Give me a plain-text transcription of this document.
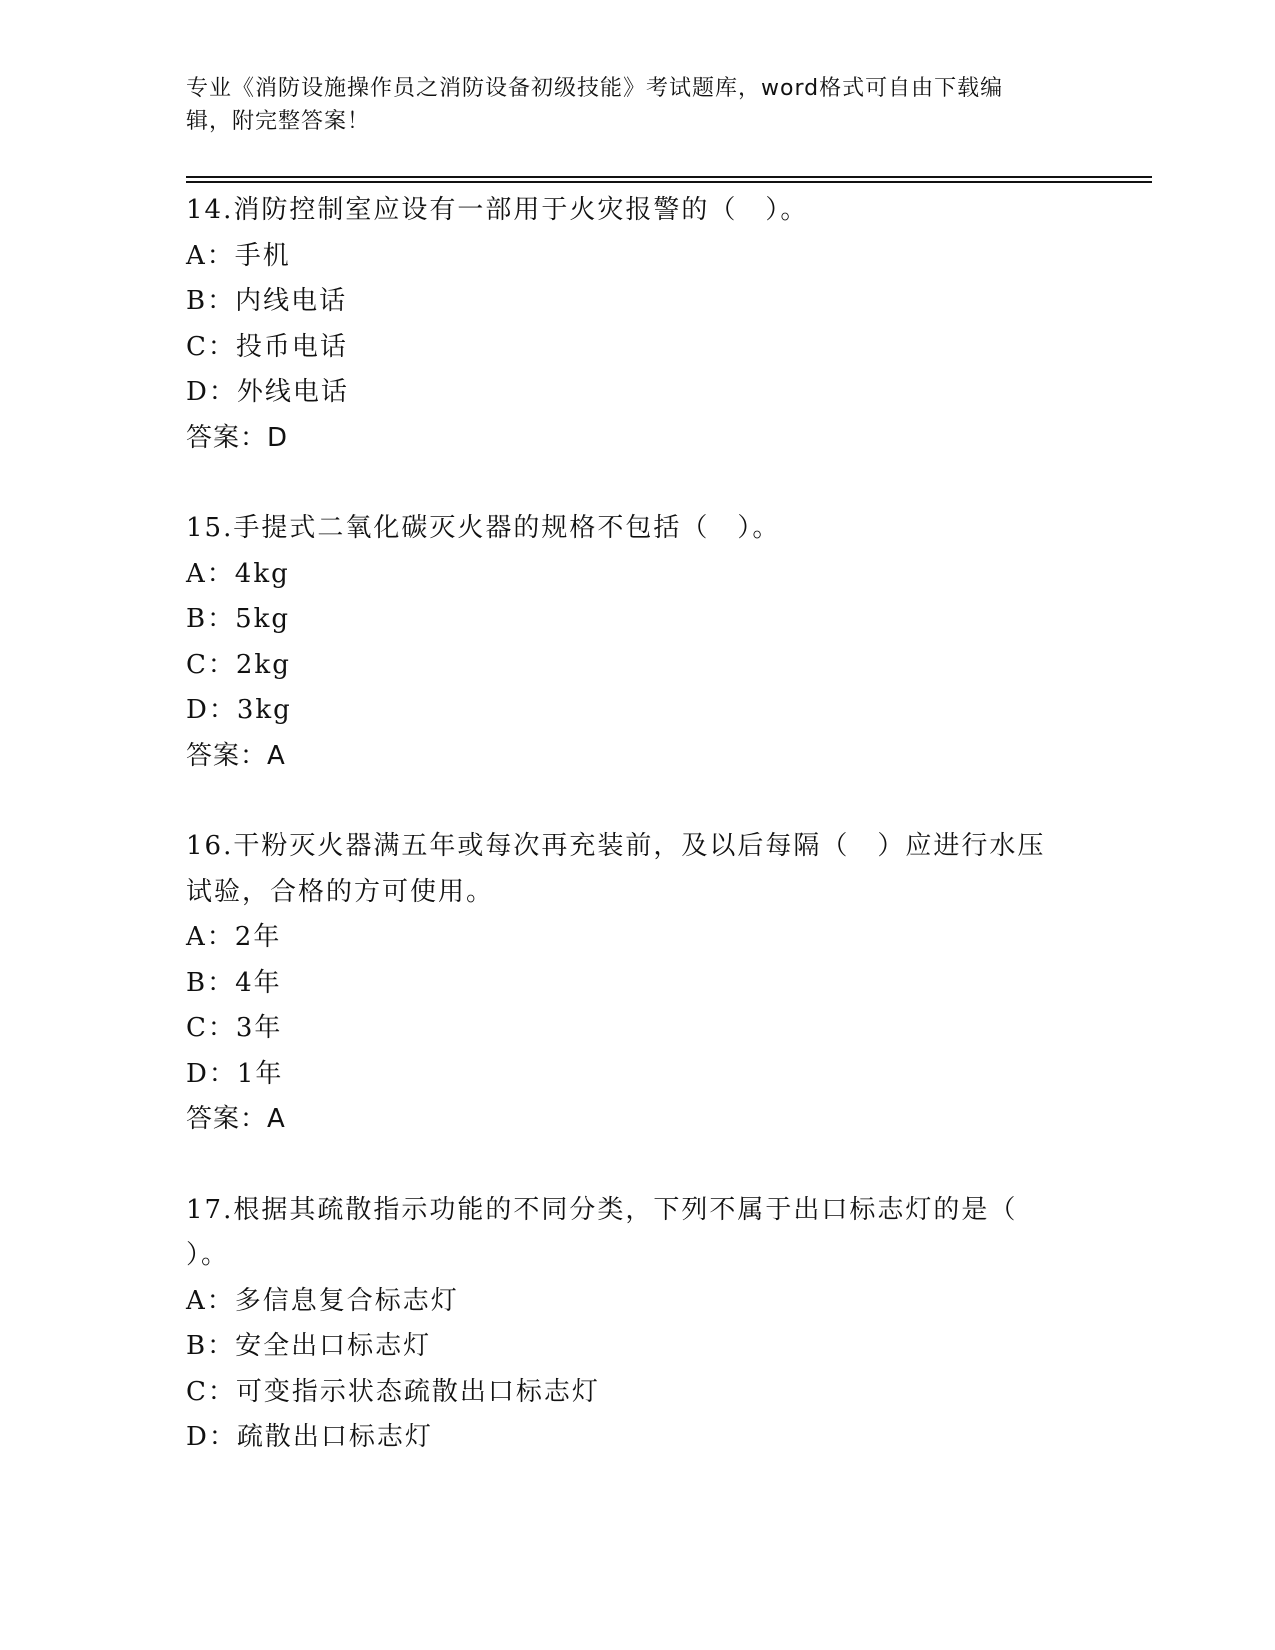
专业《消防设施操作员之消防设备初级技能》考试题库，word格式可自由下载编
辑，附完整答案！
14.消防控制室应设有一部用于火灾报警的（　）。
A：手机
B：内线电话
C：投币电话
D：外线电话
答案：D
15.手提式二氧化碳灭火器的规格不包括（　）。
A：4kg
B：5kg
C：2kg
D：3kg
答案：A
16.干粉灭火器满五年或每次再充装前，及以后每隔（　）应进行水压
试验，合格的方可使用。
A：2年
B：4年
C：3年
D：1年
答案：A
17.根据其疏散指示功能的不同分类，下列不属于出口标志灯的是（
）。
A：多信息复合标志灯
B：安全出口标志灯
C：可变指示状态疏散出口标志灯
D：疏散出口标志灯
